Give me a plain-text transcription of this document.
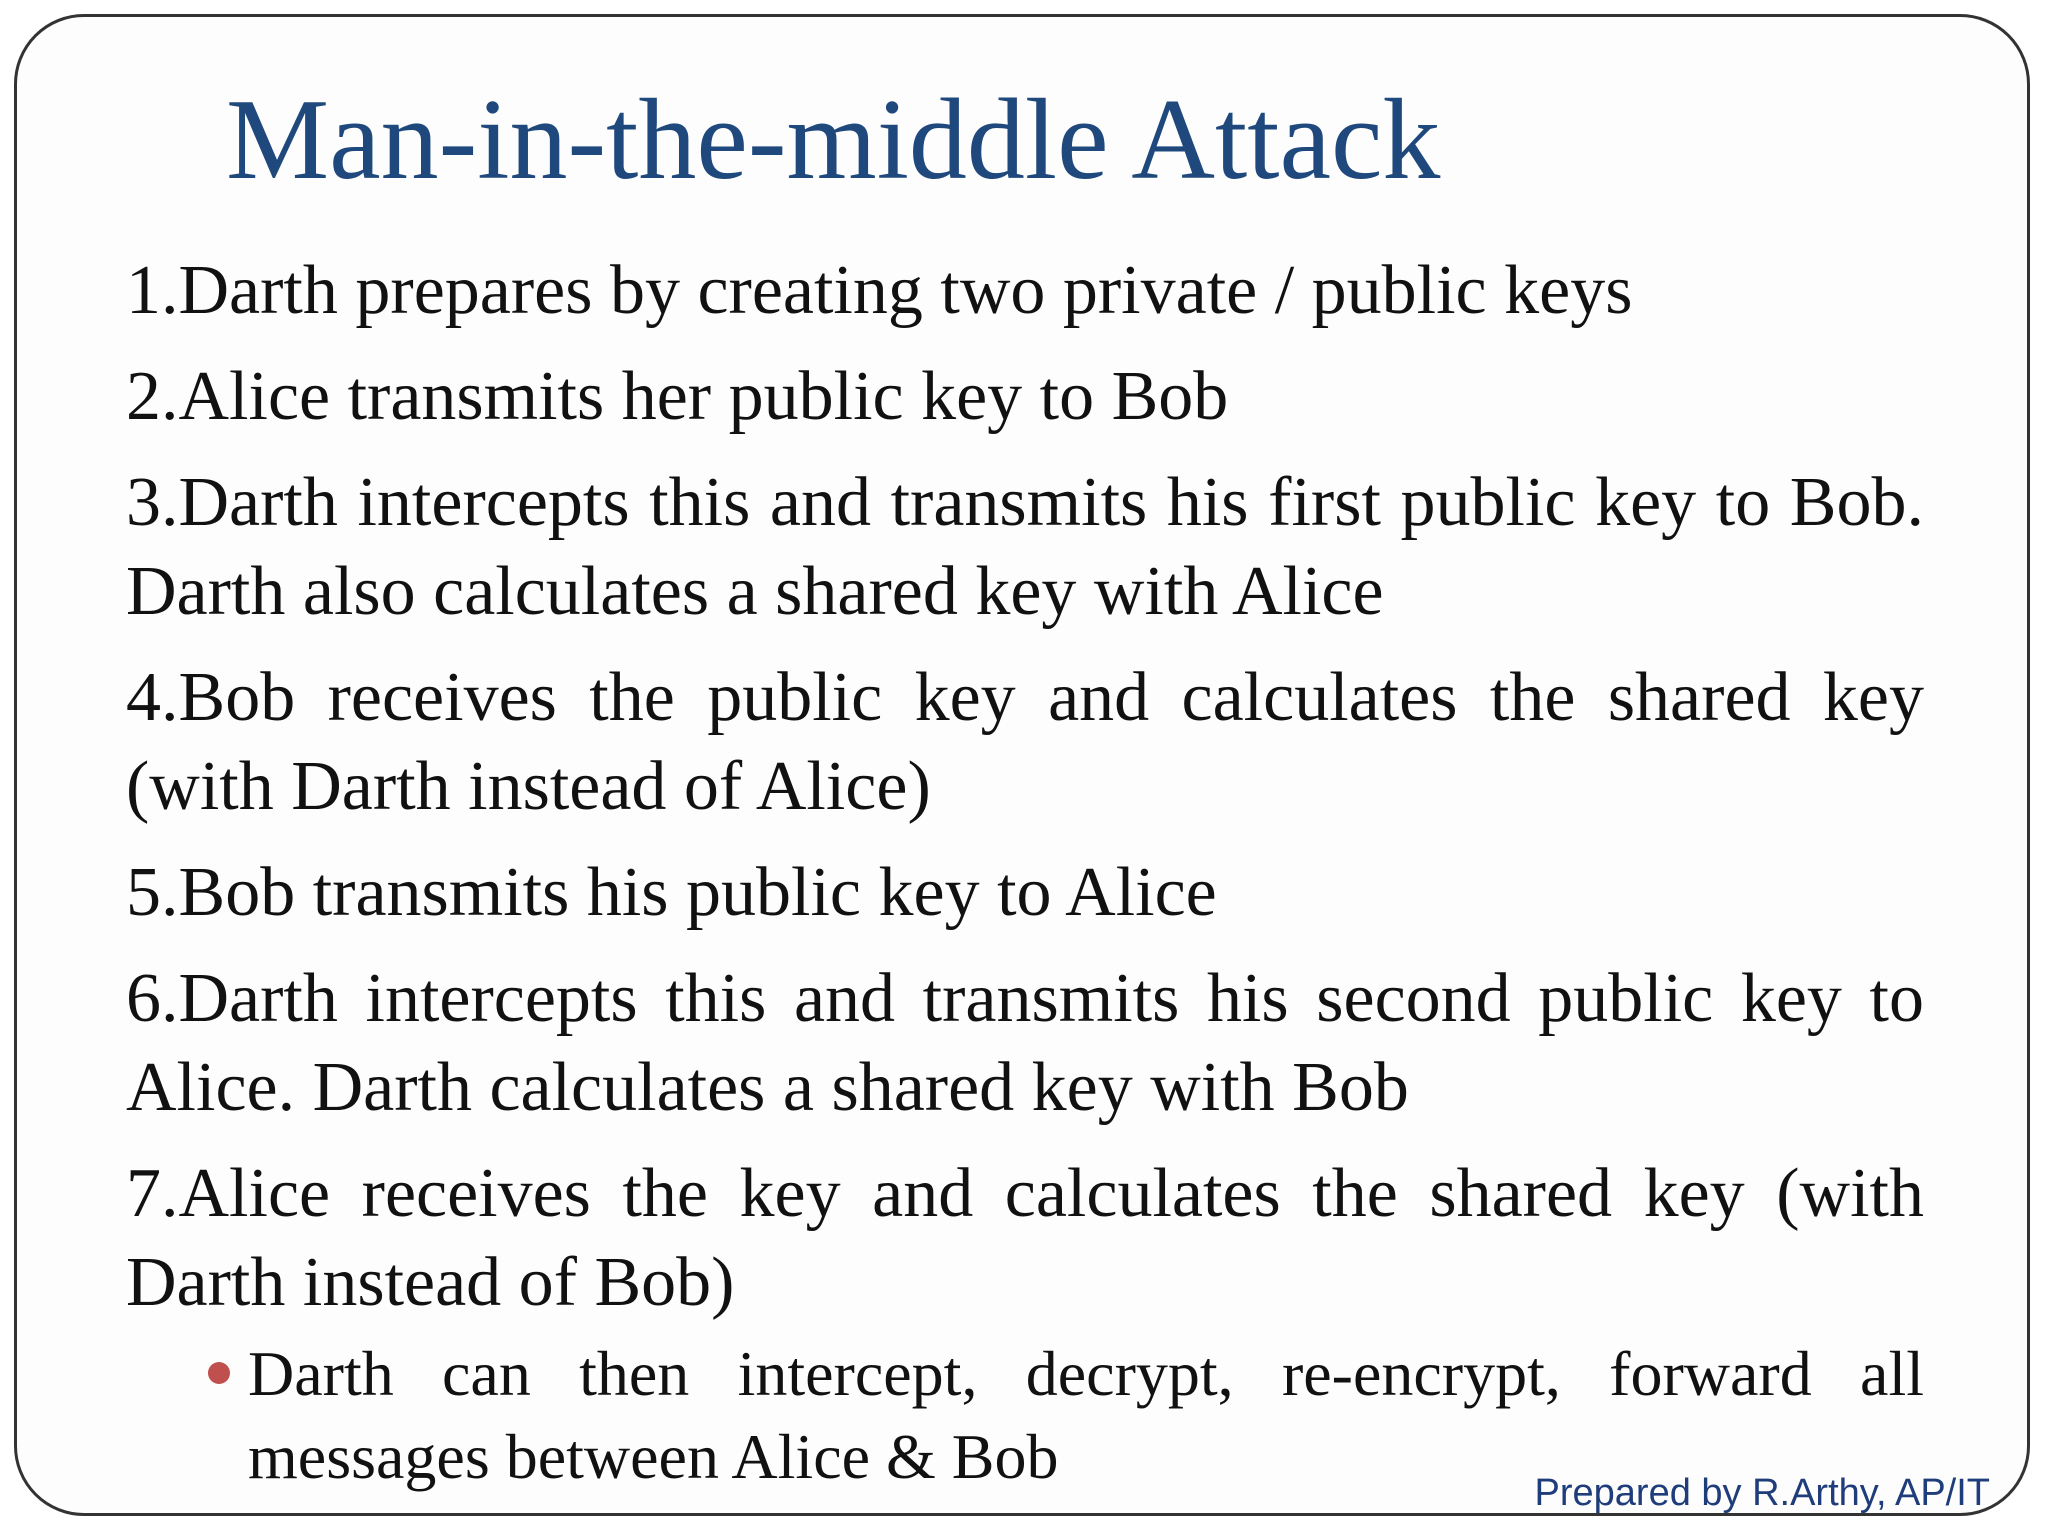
Man-in-the-middle Attack
1.Darth prepares by creating two private / public keys
2.Alice transmits her public key to Bob
3.Darth intercepts this and transmits his first public key to Bob. Darth also calculates a shared key with Alice
4.Bob receives the public key and calculates the shared key (with Darth instead of Alice)
5.Bob transmits his public key to Alice
6.Darth intercepts this and transmits his second public key to Alice. Darth calculates a shared key with Bob
7.Alice receives the key and calculates the shared key (with Darth instead of Bob)

Darth can then intercept, decrypt, re-encrypt, forward all messages between Alice & Bob

Prepared by R.Arthy, AP/IT
